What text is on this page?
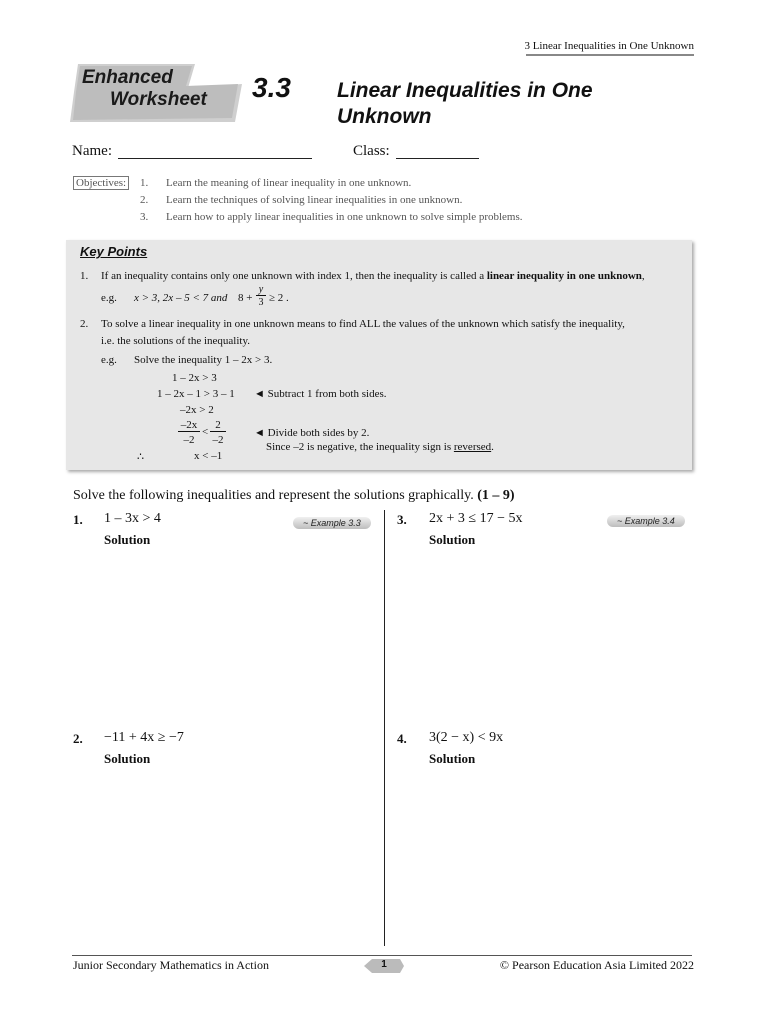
3 Linear Inequalities in One Unknown
Enhanced
Worksheet 3.3 Linear Inequalities in One Unknown
Name:	Class:
Objectives: 1. Learn the meaning of linear inequality in one unknown.
2. Learn the techniques of solving linear inequalities in one unknown.
3. Learn how to apply linear inequalities in one unknown to solve simple problems.
Key Points
1. If an inequality contains only one unknown with index 1, then the inequality is called a linear inequality in one unknown,
e.g. x > 3, 2x – 5 < 7 and 8 +
y
3 ≥ 2 .
2. To solve a linear inequality in one unknown means to find ALL the values of the unknown which satisfy the inequality,
i.e. the solutions of the inequality.
e.g. Solve the inequality 1 – 2x > 3.
1 – 2x > 3
1 – 2x – 1 > 3 – 1
–2x > 2
–2x
–2
<
2
–2
∴	x < –1
◄ Subtract 1 from both sides.
◄ Divide both sides by 2.
Since –2 is negative, the inequality sign is reversed.
Solve the following inequalities and represent the solutions graphically. (1 – 9)
1. 1 – 3x > 4	~ Example 3.3
Solution
2. −11 + 4x ≥ −7
Solution
3. 2x + 3 ≤ 17 − 5x	~ Example 3.4
Solution
4. 3(2 − x) < 9x
Solution
Junior Secondary Mathematics in Action	1	© Pearson Education Asia Limited 2022
